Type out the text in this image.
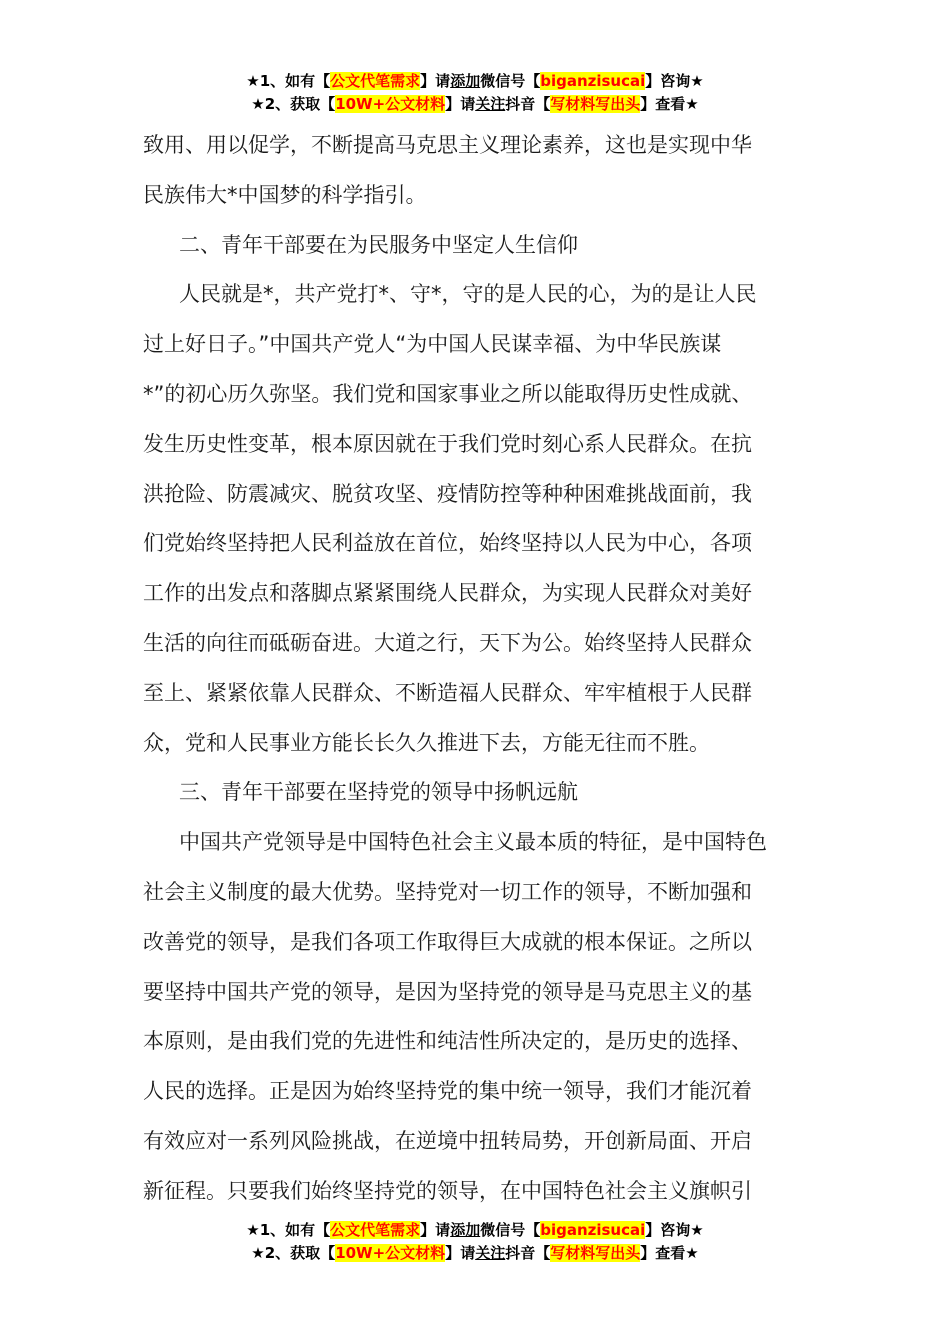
★1、如有【公文代笔需求】请添加微信号【biganzisucai】咨询★
★2、获取【10W+公文材料】请关注抖音【写材料写出头】查看★

致用、用以促学，不断提高马克思主义理论素养，这也是实现中华

民族伟大*中国梦的科学指引。

二、青年干部要在为民服务中坚定人生信仰

人民就是*，共产党打*、守*，守的是人民的心，为的是让人民

过上好日子。”中国共产党人“为中国人民谋幸福、为中华民族谋

*”的初心历久弥坚。我们党和国家事业之所以能取得历史性成就、

发生历史性变革，根本原因就在于我们党时刻心系人民群众。在抗

洪抢险、防震减灾、脱贫攻坚、疫情防控等种种困难挑战面前，我

们党始终坚持把人民利益放在首位，始终坚持以人民为中心，各项

工作的出发点和落脚点紧紧围绕人民群众，为实现人民群众对美好

生活的向往而砥砺奋进。大道之行，天下为公。始终坚持人民群众

至上、紧紧依靠人民群众、不断造福人民群众、牢牢植根于人民群

众，党和人民事业方能长长久久推进下去，方能无往而不胜。

三、青年干部要在坚持党的领导中扬帆远航

中国共产党领导是中国特色社会主义最本质的特征，是中国特色

社会主义制度的最大优势。坚持党对一切工作的领导，不断加强和

改善党的领导，是我们各项工作取得巨大成就的根本保证。之所以

要坚持中国共产党的领导，是因为坚持党的领导是马克思主义的基

本原则，是由我们党的先进性和纯洁性所决定的，是历史的选择、

人民的选择。正是因为始终坚持党的集中统一领导，我们才能沉着

有效应对一系列风险挑战，在逆境中扭转局势，开创新局面、开启

新征程。只要我们始终坚持党的领导，在中国特色社会主义旗帜引

★1、如有【公文代笔需求】请添加微信号【biganzisucai】咨询★
★2、获取【10W+公文材料】请关注抖音【写材料写出头】查看★
